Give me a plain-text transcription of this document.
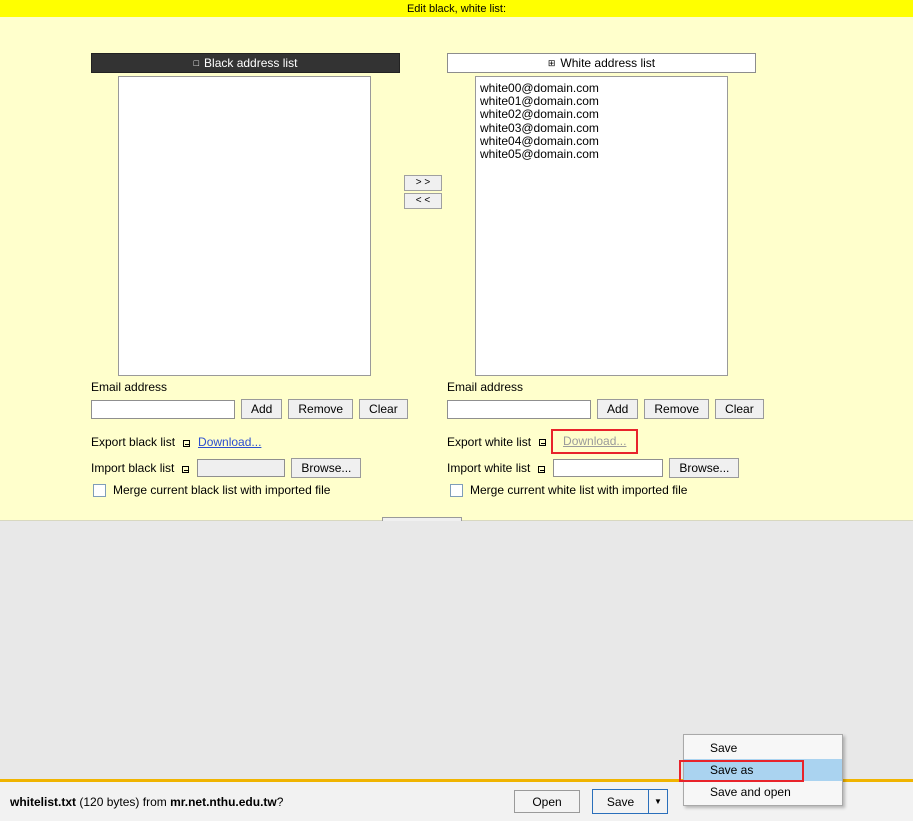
Edit black, white list:
□ Black address list	⊞ White address list
white00@domain.com
white01@domain.com
white02@domain.com
white03@domain.com
white04@domain.com
white05@domain.com
> >
< <
Email address	Email address
Add	Remove	Clear	Add	Remove	Clear
Export black list Download...
Import black list	Browse...
Export white list	Download...
Import white list	Browse...
Merge current black list with imported file	Merge current white list with imported file
Save
Save as
Save and open
whitelist.txt (120 bytes) from mr.net.nthu.edu.tw?	Open	Save	▼
